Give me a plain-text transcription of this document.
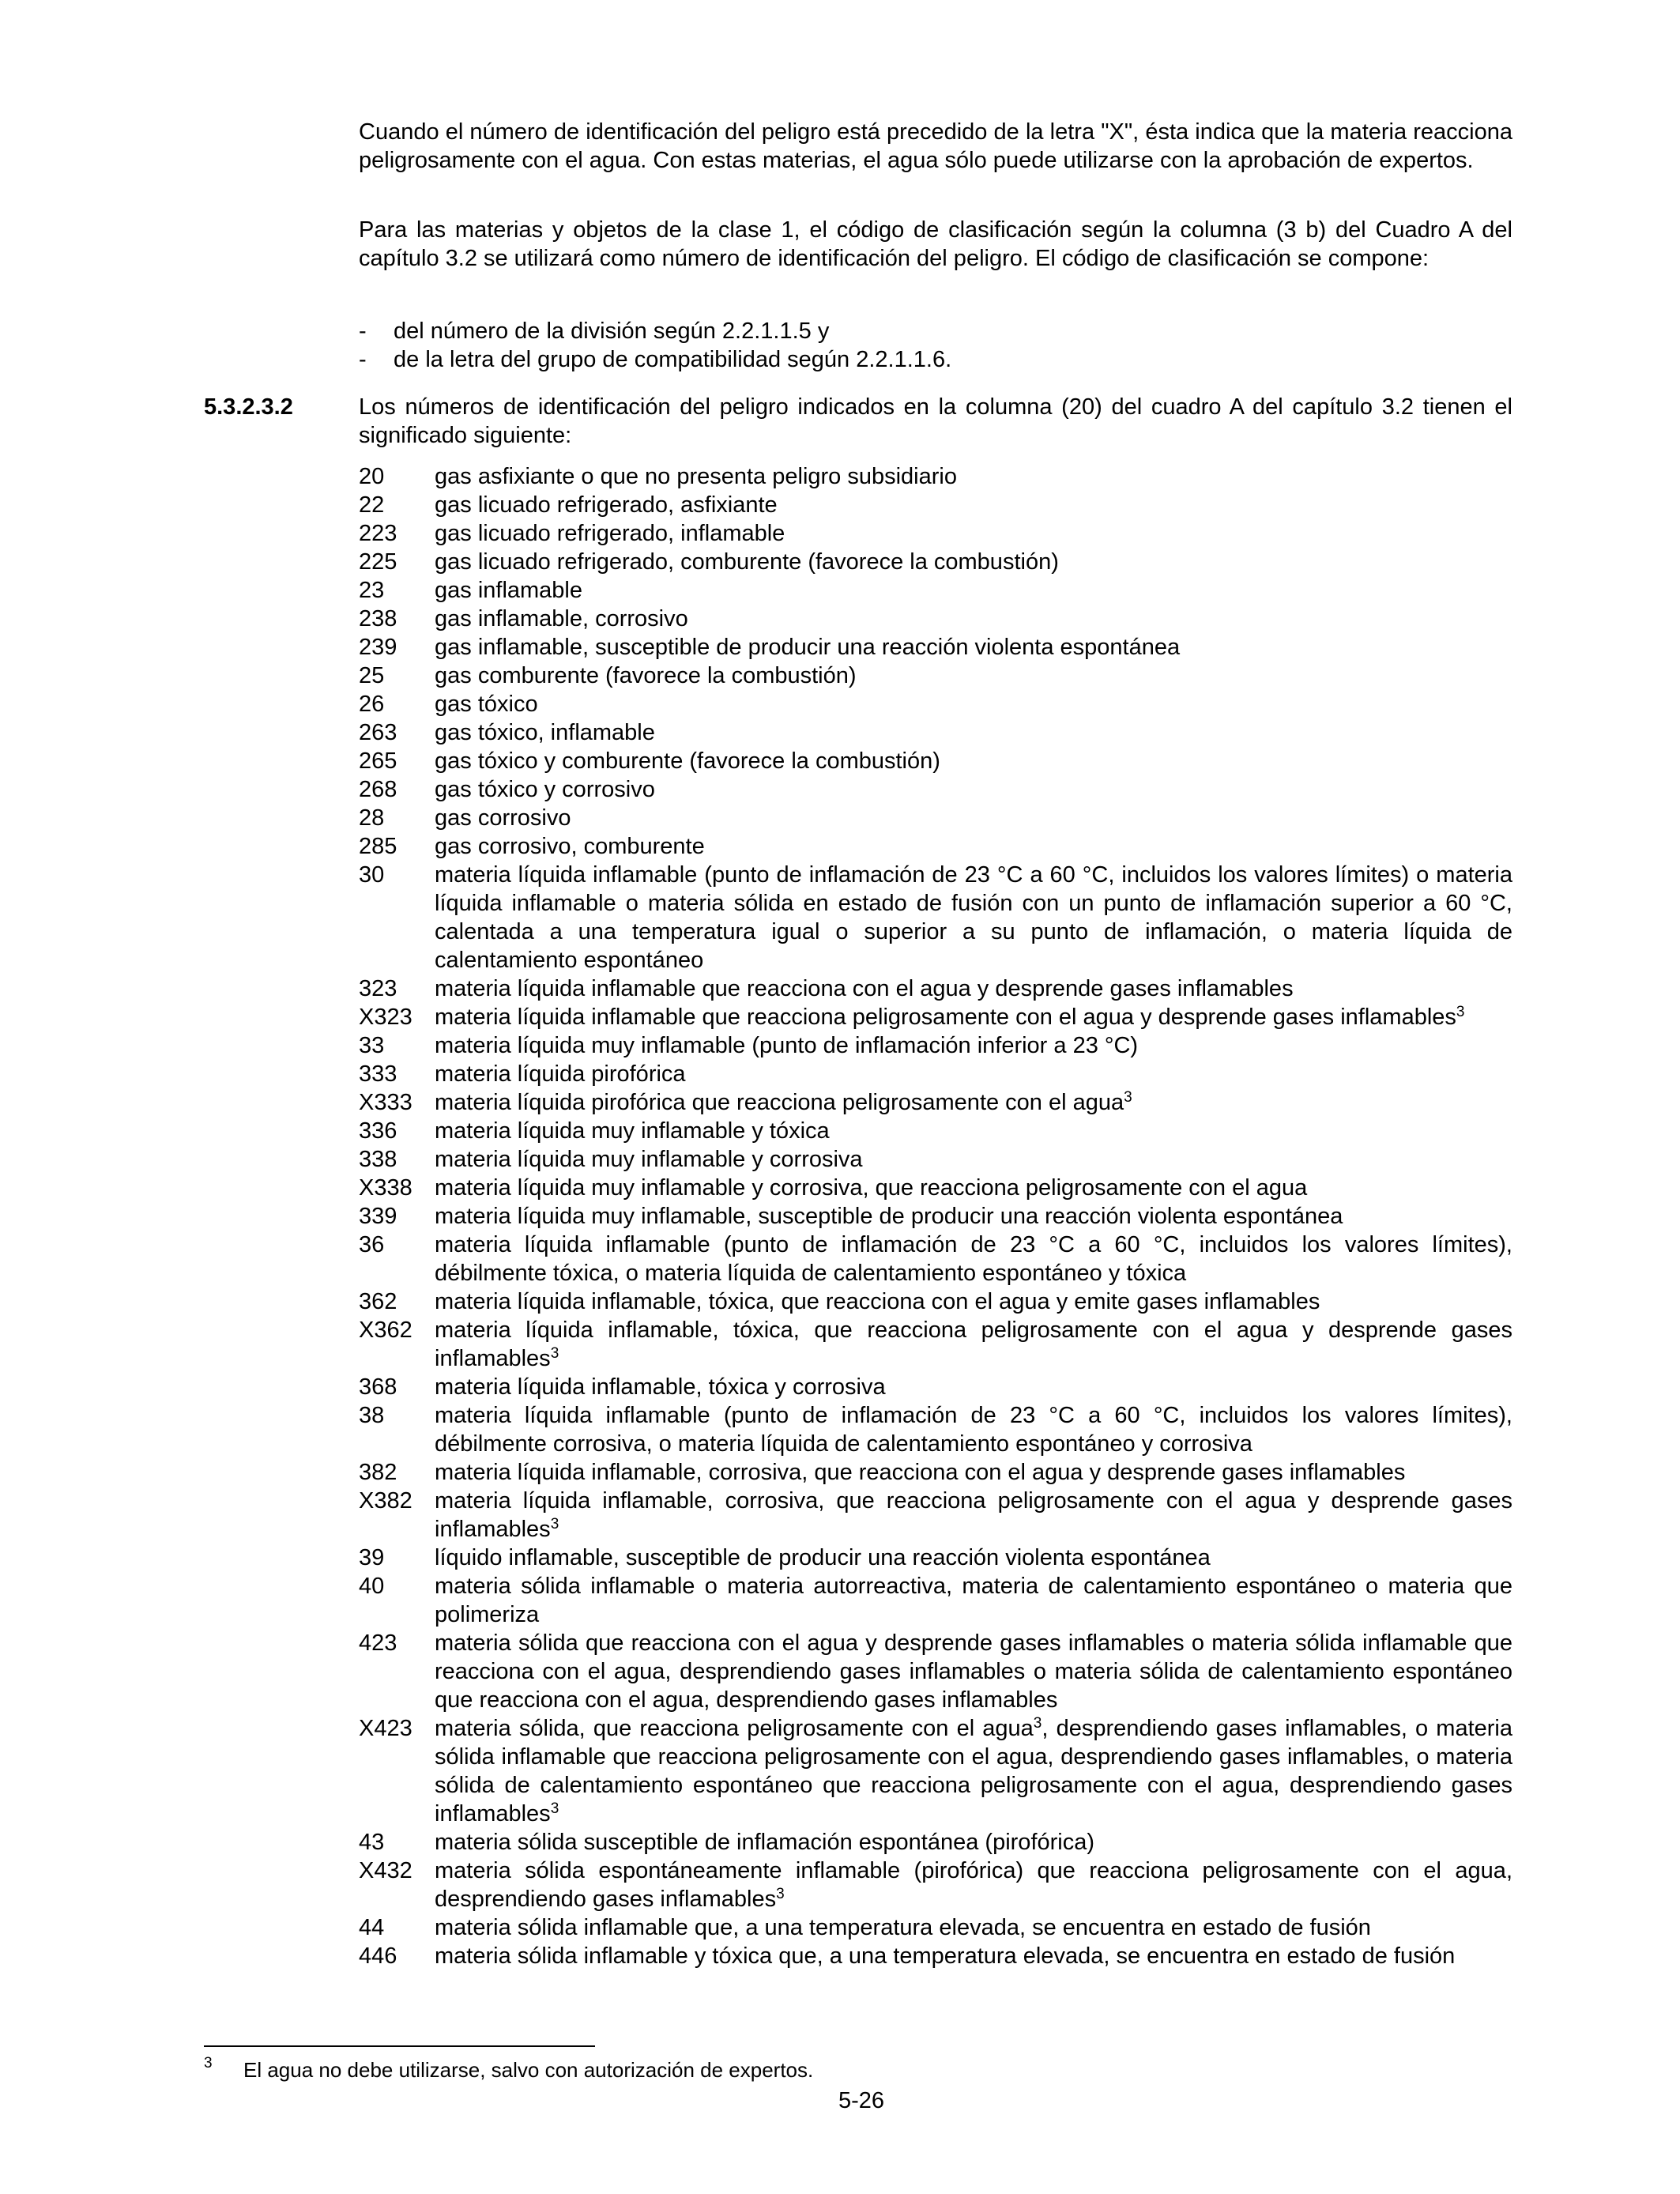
Cuando el número de identificación del peligro está precedido de la letra "X", ésta indica que la materia reacciona peligrosamente con el agua. Con estas materias, el agua sólo puede utilizarse con la aprobación de expertos.

Para las materias y objetos de la clase 1, el código de clasificación según la columna (3 b) del Cuadro A del capítulo 3.2 se utilizará como número de identificación del peligro. El código de clasificación se compone:

-	del número de la división según 2.2.1.1.5 y
-	de la letra del grupo de compatibilidad según 2.2.1.1.6.
5.3.2.3.2	Los números de identificación del peligro indicados en la columna (20) del cuadro A del capítulo 3.2 tienen el significado siguiente:

20	gas asfixiante o que no presenta peligro subsidiario
22	gas licuado refrigerado, asfixiante
223	gas licuado refrigerado, inflamable
225	gas licuado refrigerado, comburente (favorece la combustión)
23	gas inflamable
238	gas inflamable, corrosivo
239	gas inflamable, susceptible de producir una reacción violenta espontánea
25	gas comburente (favorece la combustión)
26	gas tóxico
263	gas tóxico, inflamable
265	gas tóxico y comburente (favorece la combustión)
268	gas tóxico y corrosivo
28	gas corrosivo
285	gas corrosivo, comburente
30	materia líquida inflamable (punto de inflamación de 23 °C a 60 °C, incluidos los valores límites) o materia líquida inflamable o materia sólida en estado de fusión con un punto de inflamación superior a 60 °C, calentada a una temperatura igual o superior a su punto de inflamación, o materia líquida de calentamiento espontáneo
323	materia líquida inflamable que reacciona con el agua y desprende gases inflamables
X323 materia líquida inflamable que reacciona peligrosamente con el agua y desprende gases inflamables$^3$
33	materia líquida muy inflamable (punto de inflamación inferior a 23 °C)
333	materia líquida pirofórica
X333 materia líquida pirofórica que reacciona peligrosamente con el agua$^3$
336	materia líquida muy inflamable y tóxica
338	materia líquida muy inflamable y corrosiva
X338 materia líquida muy inflamable y corrosiva, que reacciona peligrosamente con el agua
339	materia líquida muy inflamable, susceptible de producir una reacción violenta espontánea
36	materia líquida inflamable (punto de inflamación de 23 °C a 60 °C, incluidos los valores límites), débilmente tóxica, o materia líquida de calentamiento espontáneo y tóxica
362	materia líquida inflamable, tóxica, que reacciona con el agua y emite gases inflamables
X362 materia líquida inflamable, tóxica, que reacciona peligrosamente con el agua y desprende gases inflamables$^3$
368	materia líquida inflamable, tóxica y corrosiva
38	materia líquida inflamable (punto de inflamación de 23 °C a 60 °C, incluidos los valores límites), débilmente corrosiva, o materia líquida de calentamiento espontáneo y corrosiva
382	materia líquida inflamable, corrosiva, que reacciona con el agua y desprende gases inflamables
X382 materia líquida inflamable, corrosiva, que reacciona peligrosamente con el agua y desprende gases inflamables$^3$
39	líquido inflamable, susceptible de producir una reacción violenta espontánea
40	materia sólida inflamable o materia autorreactiva, materia de calentamiento espontáneo o materia que polimeriza
423	materia sólida que reacciona con el agua y desprende gases inflamables o materia sólida inflamable que reacciona con el agua, desprendiendo gases inflamables o materia sólida de calentamiento espontáneo que reacciona con el agua, desprendiendo gases inflamables
X423 materia sólida, que reacciona peligrosamente con el agua$^3$, desprendiendo gases inflamables, o materia sólida inflamable que reacciona peligrosamente con el agua, desprendiendo gases inflamables, o materia sólida de calentamiento espontáneo que reacciona peligrosamente con el agua, desprendiendo gases inflamables$^3$
43	materia sólida susceptible de inflamación espontánea (pirofórica)
X432 materia sólida espontáneamente inflamable (pirofórica) que reacciona peligrosamente con el agua, desprendiendo gases inflamables$^3$
44	materia sólida inflamable que, a una temperatura elevada, se encuentra en estado de fusión
446	materia sólida inflamable y tóxica que, a una temperatura elevada, se encuentra en estado de fusión
3	El agua no debe utilizarse, salvo con autorización de expertos.
5-26
